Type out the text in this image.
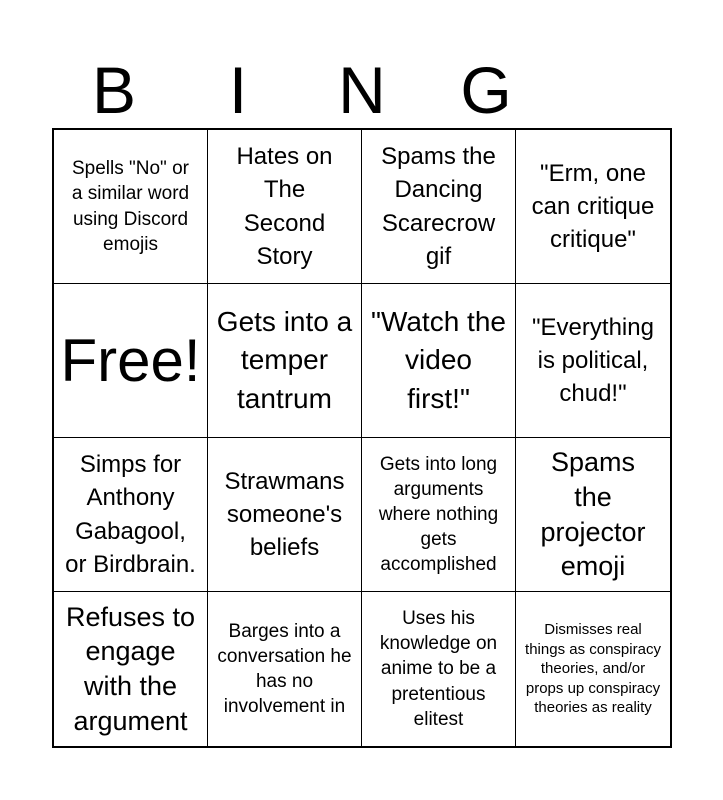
B	I	N	G
Spells "No" or a similar word using Discord emojis
Hates on The Second Story
Spams the Dancing Scarecrow gif
"Erm, one can critique critique"
Free!
Gets into a temper tantrum
"Watch the video first!"
"Everything is political, chud!"
Simps for Anthony Gabagool, or Birdbrain.
Strawmans someone's beliefs
Gets into long arguments where nothing gets accomplished
Spams the projector emoji
Refuses to engage with the argument
Barges into a conversation he has no involvement in
Uses his knowledge on anime to be a pretentious elitest
Dismisses real things as conspiracy theories, and/or props up conspiracy theories as reality
